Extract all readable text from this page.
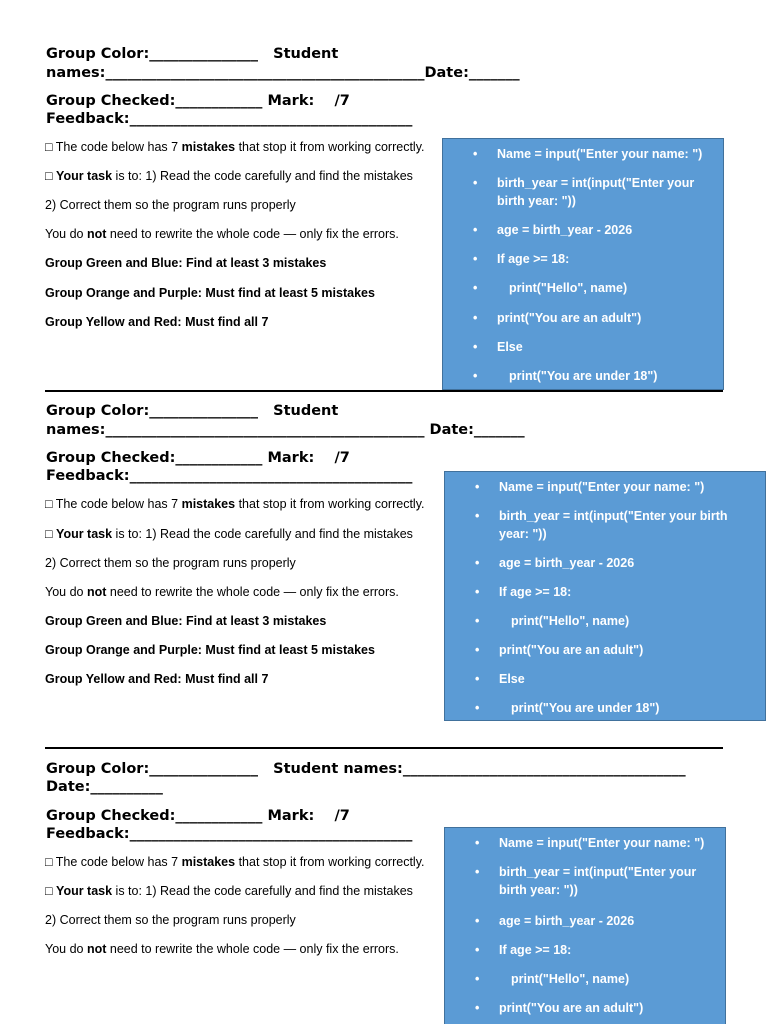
Group Color:_______________   Student
names:____________________________________________Date:_______
Group Checked:____________ Mark:    /7
Feedback:_______________________________________
□ The code below has 7 mistakes that stop it from working correctly.
□ Your task is to: 1) Read the code carefully and find the mistakes
2) Correct them so the program runs properly
You do not need to rewrite the whole code — only fix the errors.
Group Green and Blue: Find at least 3 mistakes
Group Orange and Purple: Must find at least 5 mistakes
Group Yellow and Red: Must find all 7
• Name = input("Enter your name: ")
• birth_year = int(input("Enter your birth year: "))
• age = birth_year - 2026
• If age >= 18:
•	print("Hello", name)
• print("You are an adult")
• Else
•	print("You are under 18")
Group Color:_______________   Student
names:____________________________________________ Date:_______
Group Checked:____________ Mark:    /7
Feedback:_______________________________________
□ The code below has 7 mistakes that stop it from working correctly.
□ Your task is to: 1) Read the code carefully and find the mistakes
2) Correct them so the program runs properly
You do not need to rewrite the whole code — only fix the errors.
Group Green and Blue: Find at least 3 mistakes
Group Orange and Purple: Must find at least 5 mistakes
Group Yellow and Red: Must find all 7
• Name = input("Enter your name: ")
• birth_year = int(input("Enter your birth year: "))
• age = birth_year - 2026
• If age >= 18:
•	print("Hello", name)
• print("You are an adult")
• Else
•	print("You are under 18")
Group Color:_______________   Student names:_______________________________________
Date:__________
Group Checked:____________ Mark:    /7
Feedback:_______________________________________
□ The code below has 7 mistakes that stop it from working correctly.
□ Your task is to: 1) Read the code carefully and find the mistakes
2) Correct them so the program runs properly
You do not need to rewrite the whole code — only fix the errors.
• Name = input("Enter your name: ")
• birth_year = int(input("Enter your birth year: "))
• age = birth_year - 2026
• If age >= 18:
•	print("Hello", name)
• print("You are an adult")
